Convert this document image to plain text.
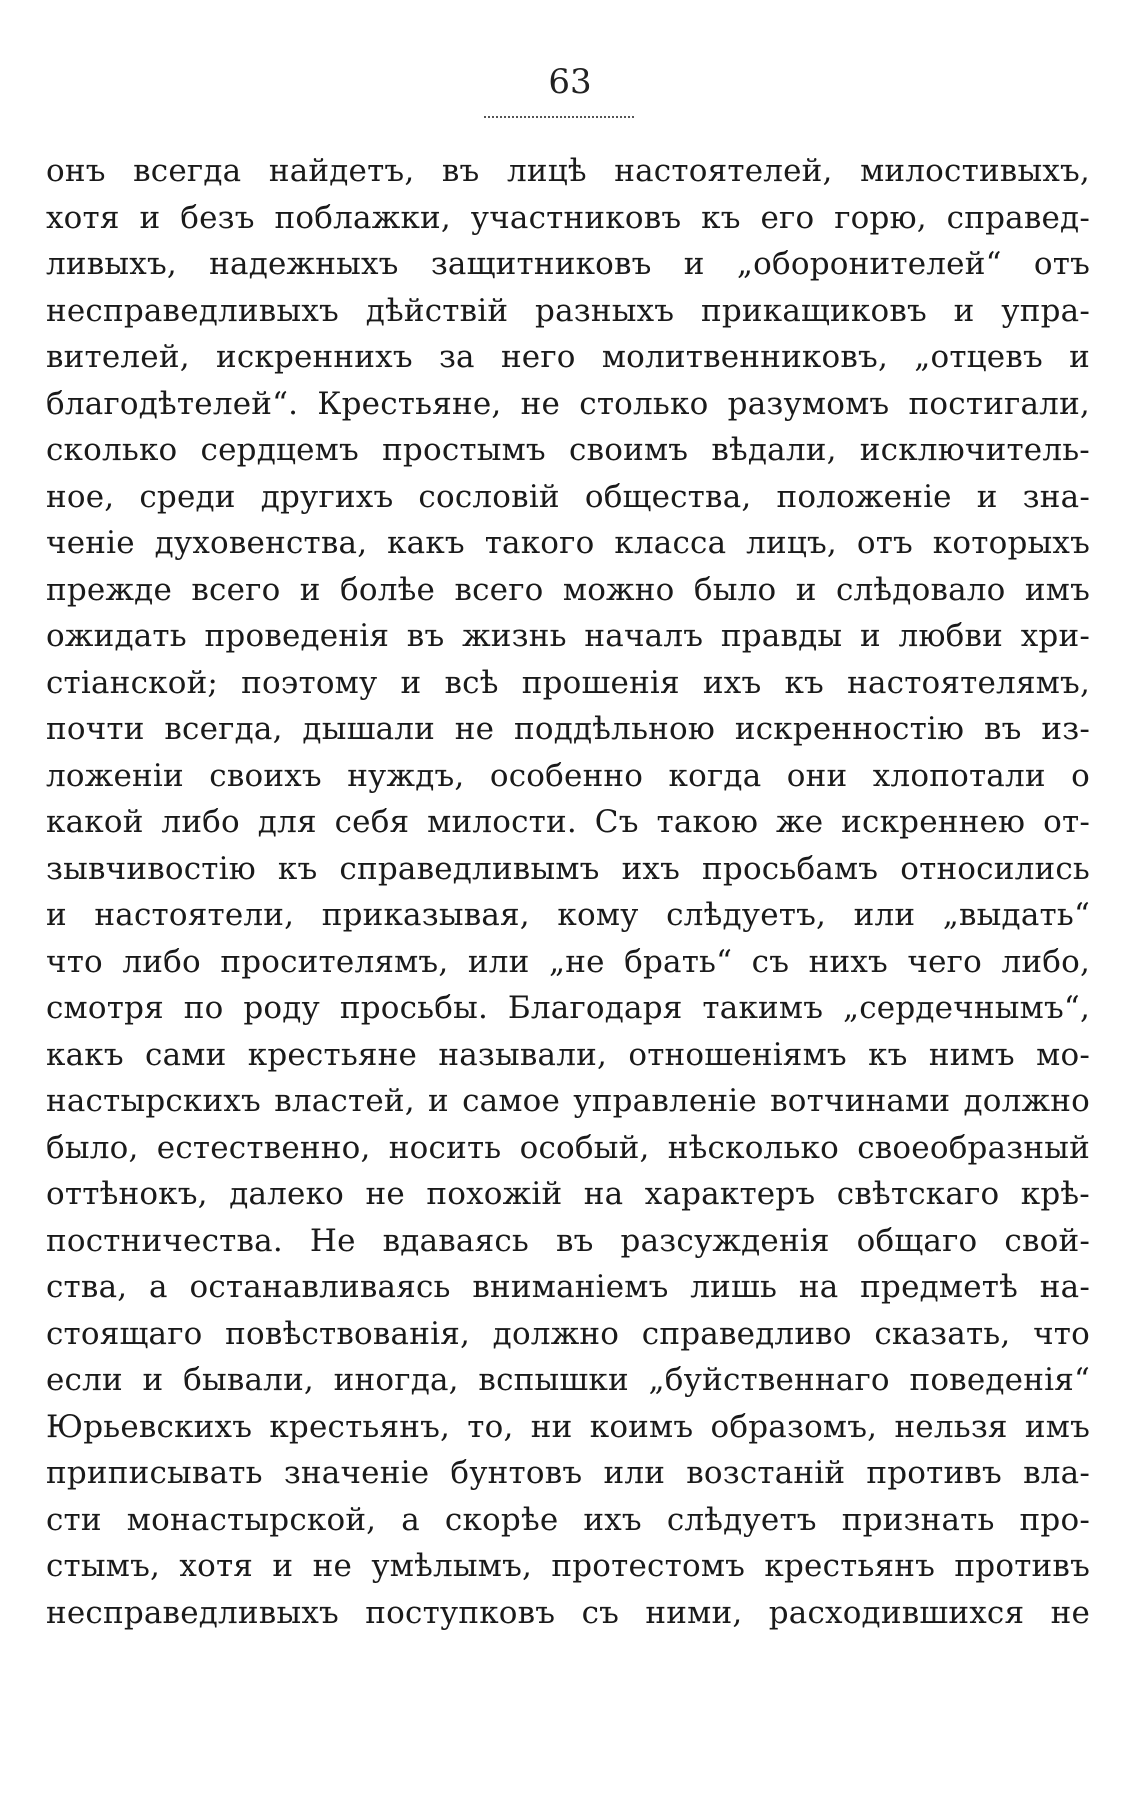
63
онъ всегда найдетъ, въ лицѣ настоятелей, милостивыхъ,
хотя и безъ поблажки, участниковъ къ его горю, справед-
ливыхъ, надежныхъ защитниковъ и „оборонителей“ отъ
несправедливыхъ дѣйствій разныхъ прикащиковъ и упра-
вителей, искреннихъ за него молитвенниковъ, „отцевъ и
благодѣтелей“. Крестьяне, не столько разумомъ постигали,
сколько сердцемъ простымъ своимъ вѣдали, исключитель-
ное, среди другихъ сословій общества, положеніе и зна-
ченіе духовенства, какъ такого класса лицъ, отъ которыхъ
прежде всего и болѣе всего можно было и слѣдовало имъ
ожидать проведенія въ жизнь началъ правды и любви хри-
стіанской; поэтому и всѣ прошенія ихъ къ настоятелямъ,
почти всегда, дышали не поддѣльною искренностію въ из-
ложеніи своихъ нуждъ, особенно когда они хлопотали о
какой либо для себя милости. Съ такою же искреннею от-
зывчивостію къ справедливымъ ихъ просьбамъ относились
и настоятели, приказывая, кому слѣдуетъ, или „выдать“
что либо просителямъ, или „не брать“ съ нихъ чего либо,
смотря по роду просьбы. Благодаря такимъ „сердечнымъ“,
какъ сами крестьяне называли, отношеніямъ къ нимъ мо-
настырскихъ властей, и самое управленіе вотчинами должно
было, естественно, носить особый, нѣсколько своеобразный
оттѣнокъ, далеко не похожій на характеръ свѣтскаго крѣ-
постничества. Не вдаваясь въ разсужденія общаго свой-
ства, а останавливаясь вниманіемъ лишь на предметѣ на-
стоящаго повѣствованія, должно справедливо сказать, что
если и бывали, иногда, вспышки „буйственнаго поведенія“
Юрьевскихъ крестьянъ, то, ни коимъ образомъ, нельзя имъ
приписывать значеніе бунтовъ или возстаній противъ вла-
сти монастырской, а скорѣе ихъ слѣдуетъ признать про-
стымъ, хотя и не умѣлымъ, протестомъ крестьянъ противъ
несправедливыхъ поступковъ съ ними, расходившихся не
